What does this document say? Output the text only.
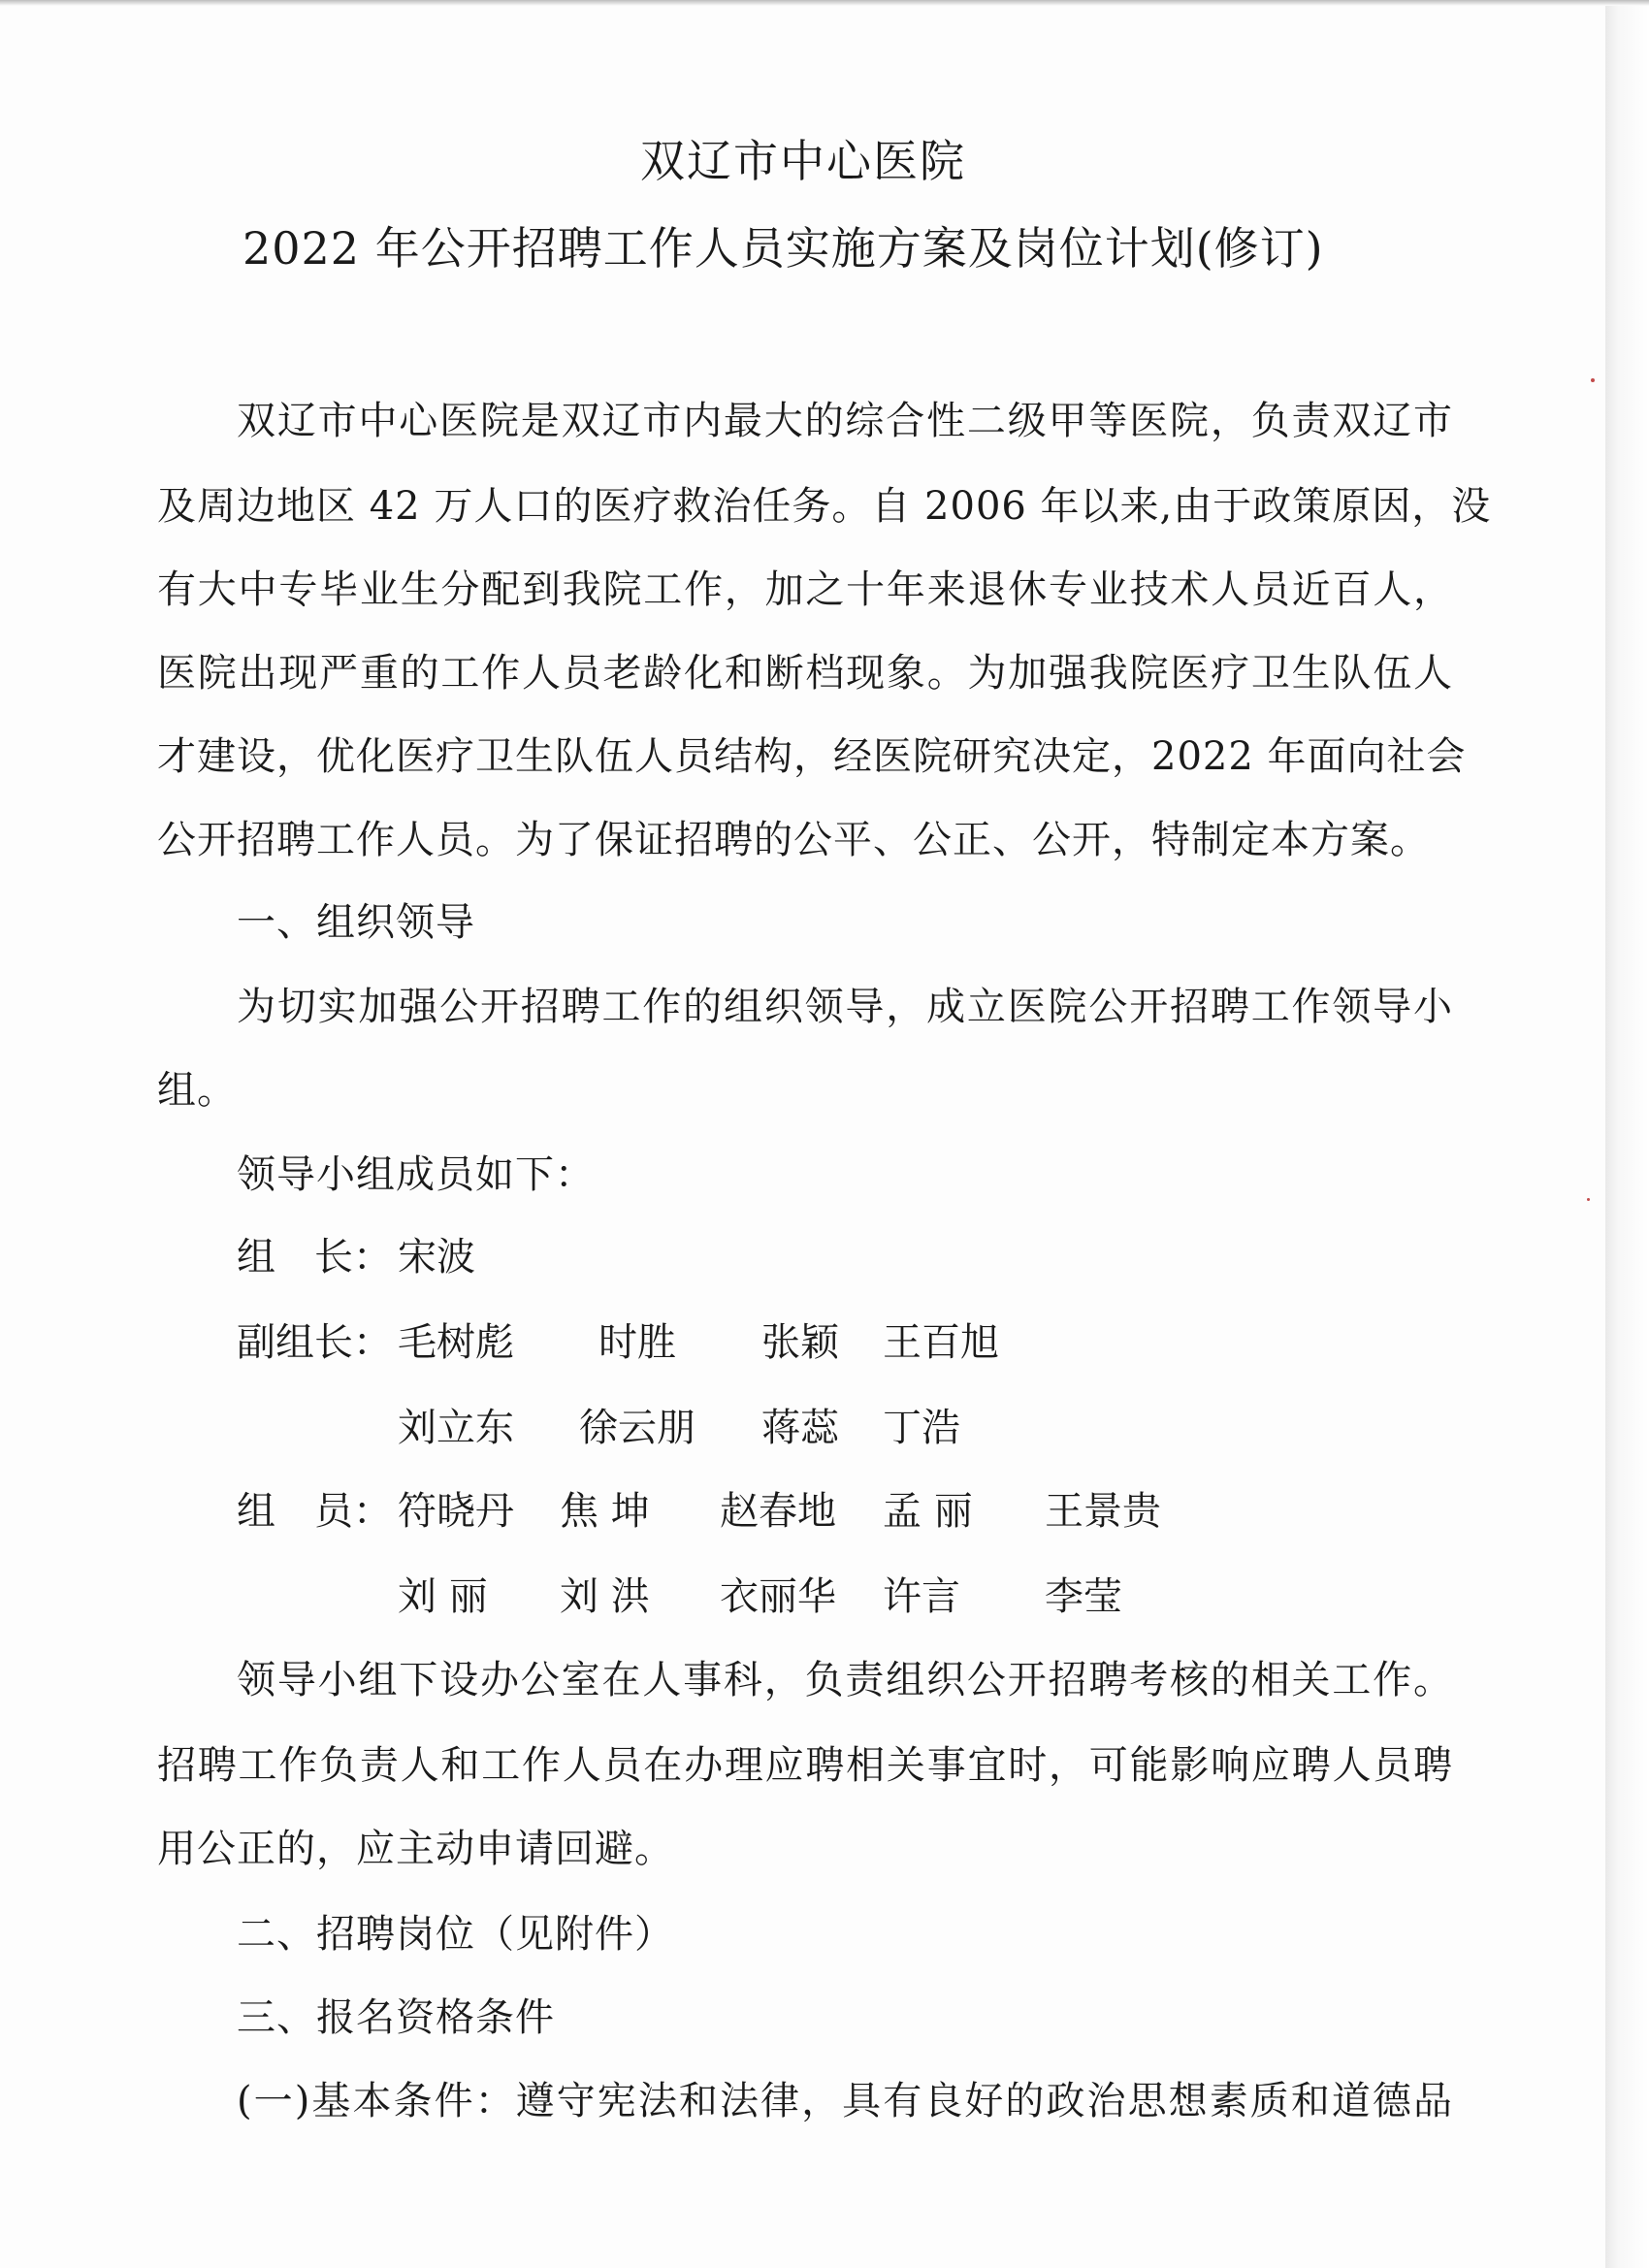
双辽市中心医院
2022 年公开招聘工作人员实施方案及岗位计划(修订)
双辽市中心医院是双辽市内最大的综合性二级甲等医院，负责双辽市
及周边地区 42 万人口的医疗救治任务。自 2006 年以来,由于政策原因，没
有大中专毕业生分配到我院工作，加之十年来退休专业技术人员近百人，
医院出现严重的工作人员老龄化和断档现象。为加强我院医疗卫生队伍人
才建设，优化医疗卫生队伍人员结构，经医院研究决定，2022 年面向社会
公开招聘工作人员。为了保证招聘的公平、公正、公开，特制定本方案。
一、组织领导
为切实加强公开招聘工作的组织领导，成立医院公开招聘工作领导小
组。
领导小组成员如下：
组　长： 宋波
副组长： 毛树彪 时胜 张颖 王百旭
刘立东 徐云朋 蒋蕊 丁浩
组　员： 符晓丹 焦 坤 赵春地 孟 丽 王景贵
刘 丽 刘 洪 衣丽华 许言 李莹
领导小组下设办公室在人事科，负责组织公开招聘考核的相关工作。
招聘工作负责人和工作人员在办理应聘相关事宜时，可能影响应聘人员聘
用公正的，应主动申请回避。
二、招聘岗位（见附件）
三、报名资格条件
(一)基本条件：遵守宪法和法律，具有良好的政治思想素质和道德品
